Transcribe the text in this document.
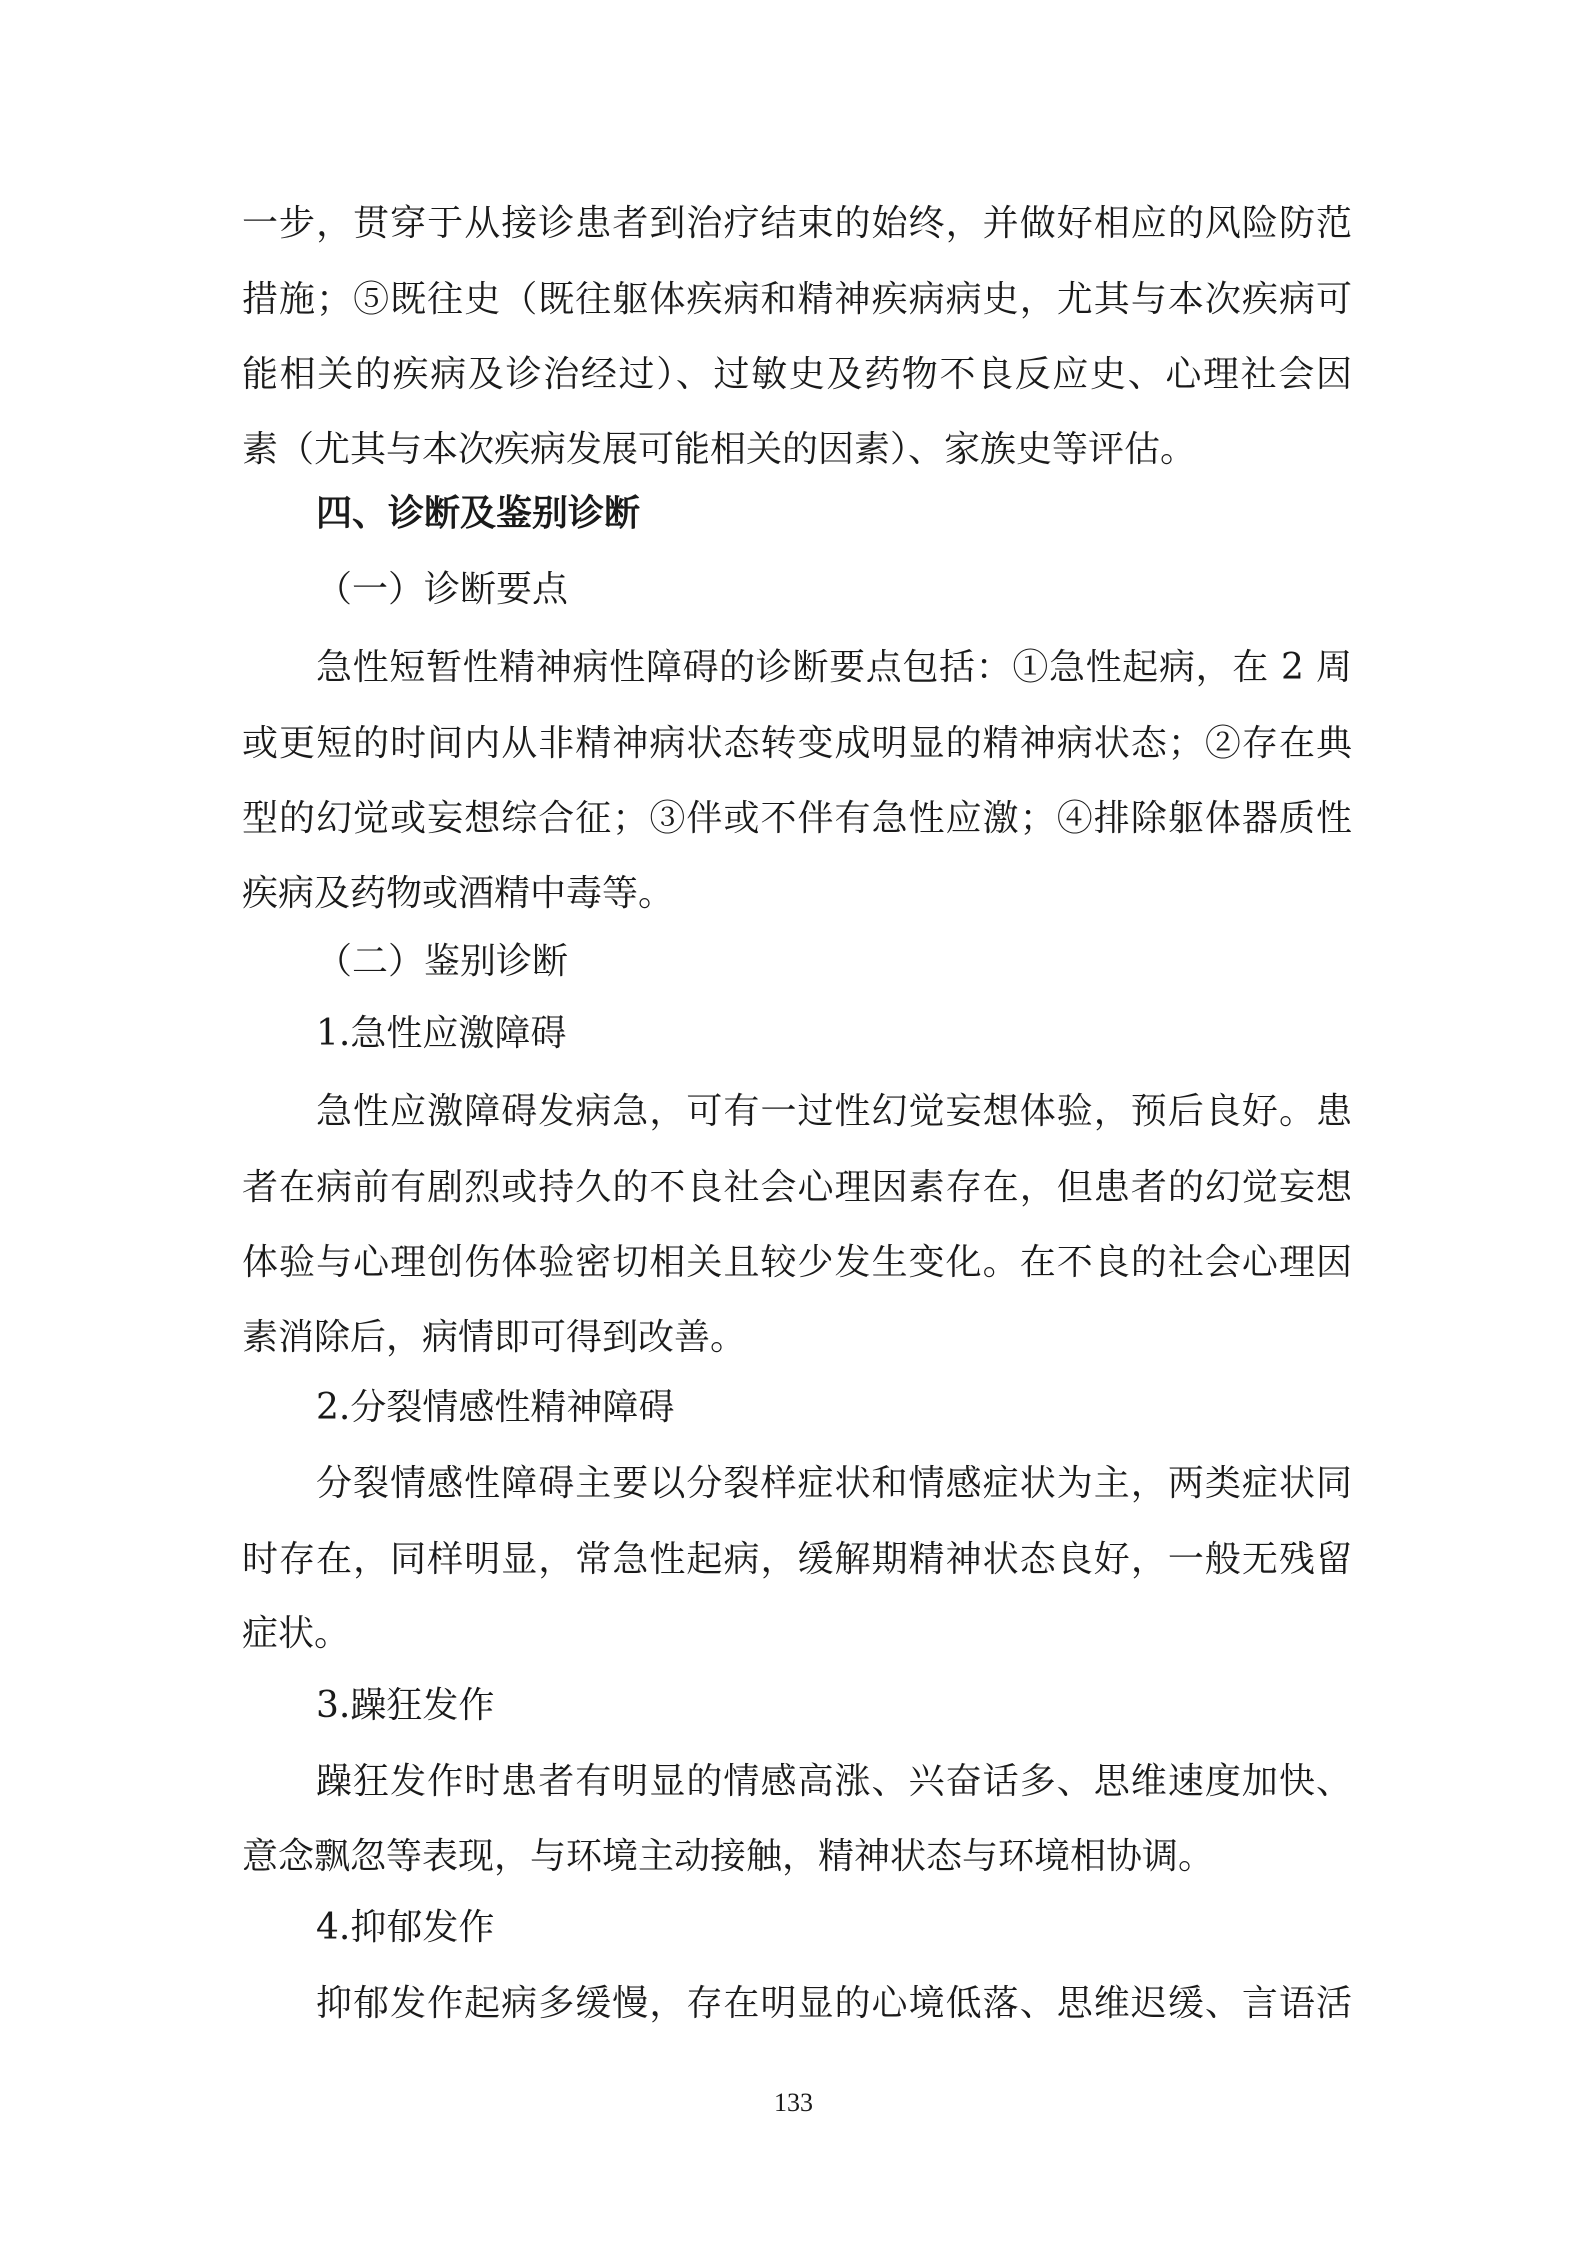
一步，贯穿于从接诊患者到治疗结束的始终，并做好相应的风险防范
措施；⑤既往史（既往躯体疾病和精神疾病病史，尤其与本次疾病可
能相关的疾病及诊治经过）、过敏史及药物不良反应史、心理社会因
素（尤其与本次疾病发展可能相关的因素）、家族史等评估。
四、诊断及鉴别诊断
（一）诊断要点
急性短暂性精神病性障碍的诊断要点包括：①急性起病，在 2 周
或更短的时间内从非精神病状态转变成明显的精神病状态；②存在典
型的幻觉或妄想综合征；③伴或不伴有急性应激；④排除躯体器质性
疾病及药物或酒精中毒等。
（二）鉴别诊断
1.急性应激障碍
急性应激障碍发病急，可有一过性幻觉妄想体验，预后良好。患
者在病前有剧烈或持久的不良社会心理因素存在，但患者的幻觉妄想
体验与心理创伤体验密切相关且较少发生变化。在不良的社会心理因
素消除后，病情即可得到改善。
2.分裂情感性精神障碍
分裂情感性障碍主要以分裂样症状和情感症状为主，两类症状同
时存在，同样明显，常急性起病，缓解期精神状态良好，一般无残留
症状。
3.躁狂发作
躁狂发作时患者有明显的情感高涨、兴奋话多、思维速度加快、
意念飘忽等表现，与环境主动接触，精神状态与环境相协调。
4.抑郁发作
抑郁发作起病多缓慢，存在明显的心境低落、思维迟缓、言语活
133
